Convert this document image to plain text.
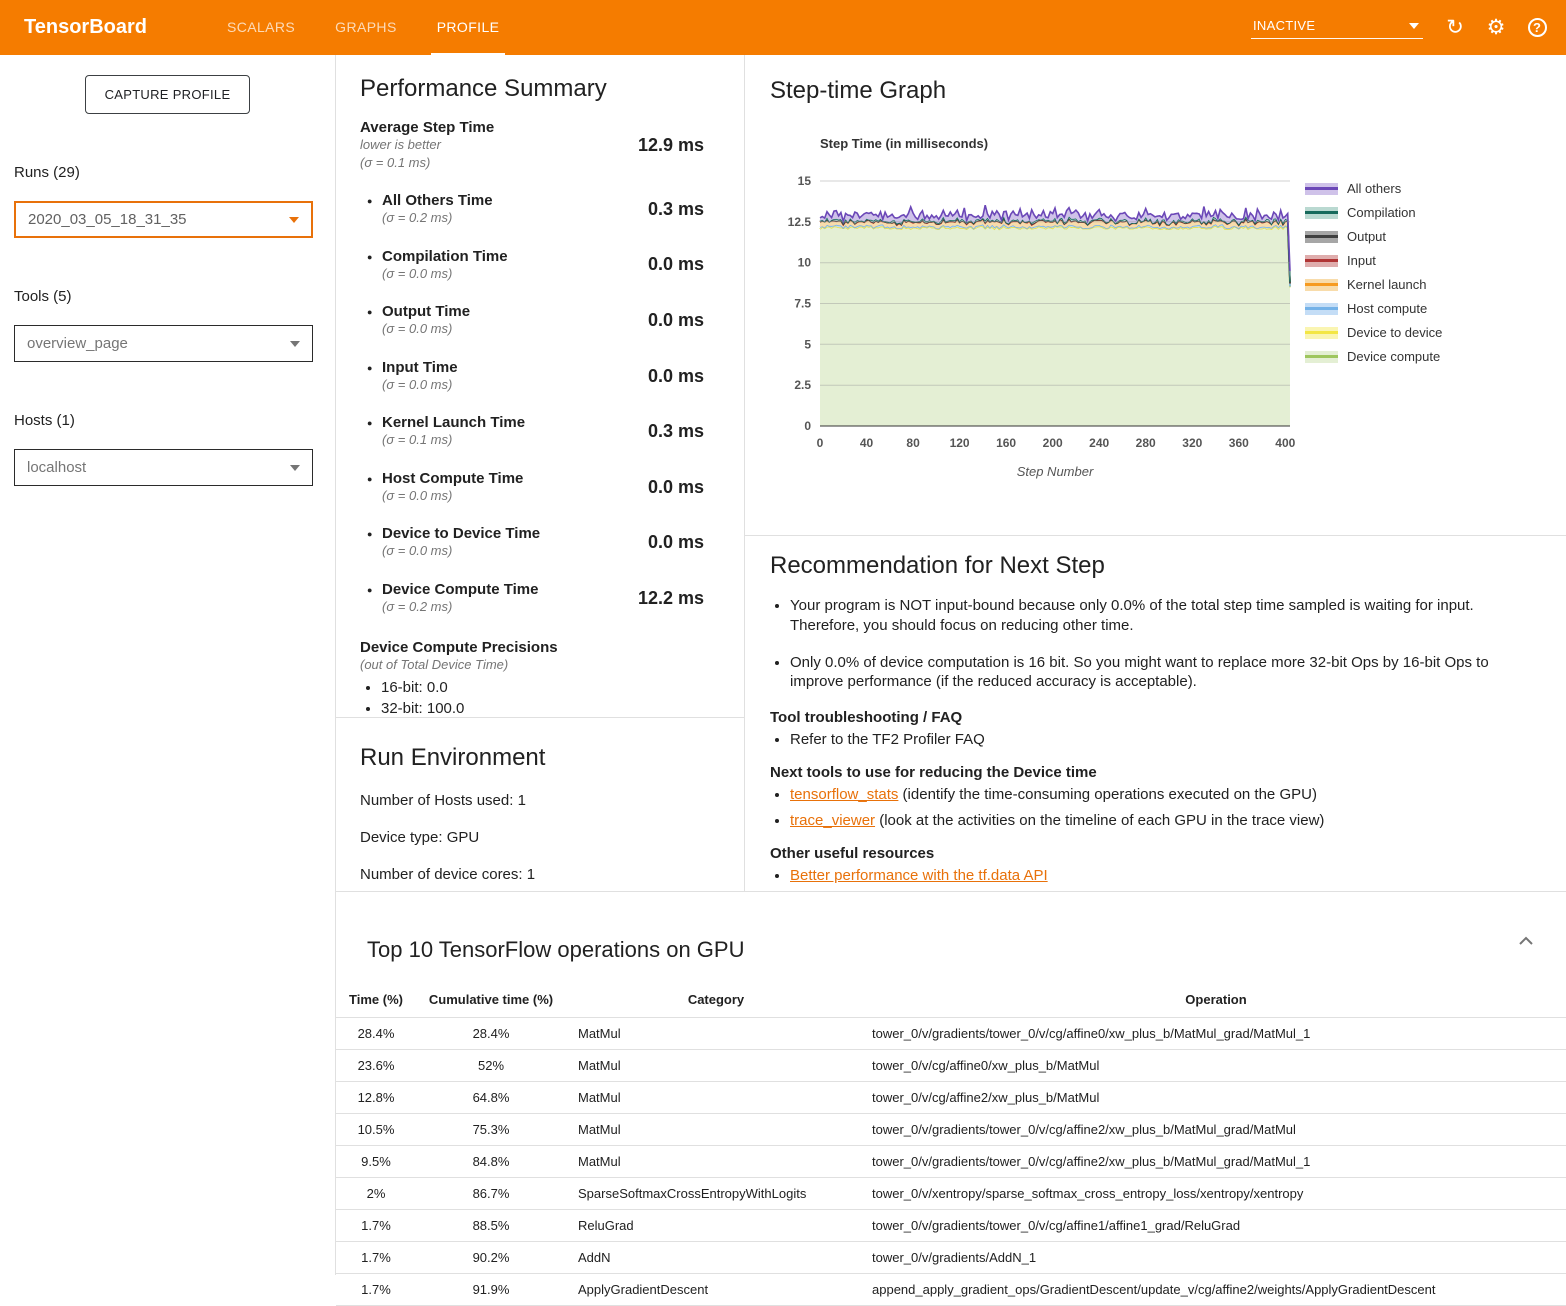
TensorBoard	SCALARS	GRAPHS	PROFILE	INACTIVE	↻ ⚙	?
CAPTURE PROFILE
Runs (29)
2020_03_05_18_31_35
Tools (5)
overview_page
Hosts (1)
localhost
Performance Summary
Average Step Time
lower is better
(σ = 0.1 ms)
12.9 ms
● All Others Time
(σ = 0.2 ms)	0.3 ms
● Compilation Time
(σ = 0.0 ms)	0.0 ms
● Output Time
(σ = 0.0 ms)	0.0 ms
● Input Time
(σ = 0.0 ms)	0.0 ms
● Kernel Launch Time
(σ = 0.1 ms)	0.3 ms
● Host Compute Time
(σ = 0.0 ms)	0.0 ms
● Device to Device Time
(σ = 0.0 ms)	0.0 ms
● Device Compute Time
(σ = 0.2 ms)	12.2 ms
Device Compute Precisions
(out of Total Device Time)
• 16-bit: 0.0
• 32-bit: 100.0
Run Environment

Number of Hosts used: 1

Device type: GPU

Number of device cores: 1

Step-time Graph
Step Time (in milliseconds)
0
2.5
5
7.5
10
12.5
15
0	40	80 120 160 200 240 280 320 360 400
Step Number
All others
Compilation
Output
Input
Kernel launch
Host compute
Device to device
Device compute
Recommendation for Next Step
• Your program is NOT input-bound because only 0.0% of the total step time sampled is waiting for input. Therefore, you should focus on reducing other time.
• Only 0.0% of device computation is 16 bit. So you might want to replace more 32-bit Ops by 16-bit Ops to improve performance (if the reduced accuracy is acceptable).
Tool troubleshooting / FAQ
• Refer to the TF2 Profiler FAQ
Next tools to use for reducing the Device time
• tensorflow_stats (identify the time-consuming operations executed on the GPU)
• trace_viewer (look at the activities on the timeline of each GPU in the trace view)
Other useful resources
• Better performance with the tf.data API
Top 10 TensorFlow operations on GPU
Time (%)	Cumulative time (%)	Category	Operation
28.4%	28.4%	MatMul	tower_0/v/gradients/tower_0/v/cg/affine0/xw_plus_b/MatMul_grad/MatMul_1
23.6%	52%	MatMul	tower_0/v/cg/affine0/xw_plus_b/MatMul
12.8%	64.8%	MatMul	tower_0/v/cg/affine2/xw_plus_b/MatMul
10.5%	75.3%	MatMul	tower_0/v/gradients/tower_0/v/cg/affine2/xw_plus_b/MatMul_grad/MatMul
9.5%	84.8%	MatMul	tower_0/v/gradients/tower_0/v/cg/affine2/xw_plus_b/MatMul_grad/MatMul_1
2%	86.7%	SparseSoftmaxCrossEntropyWithLogits	tower_0/v/xentropy/sparse_softmax_cross_entropy_loss/xentropy/xentropy
1.7%	88.5%	ReluGrad	tower_0/v/gradients/tower_0/v/cg/affine1/affine1_grad/ReluGrad
1.7%	90.2%	AddN	tower_0/v/gradients/AddN_1
1.7%	91.9%	ApplyGradientDescent	append_apply_gradient_ops/GradientDescent/update_v/cg/affine2/weights/ApplyGradientDescent
